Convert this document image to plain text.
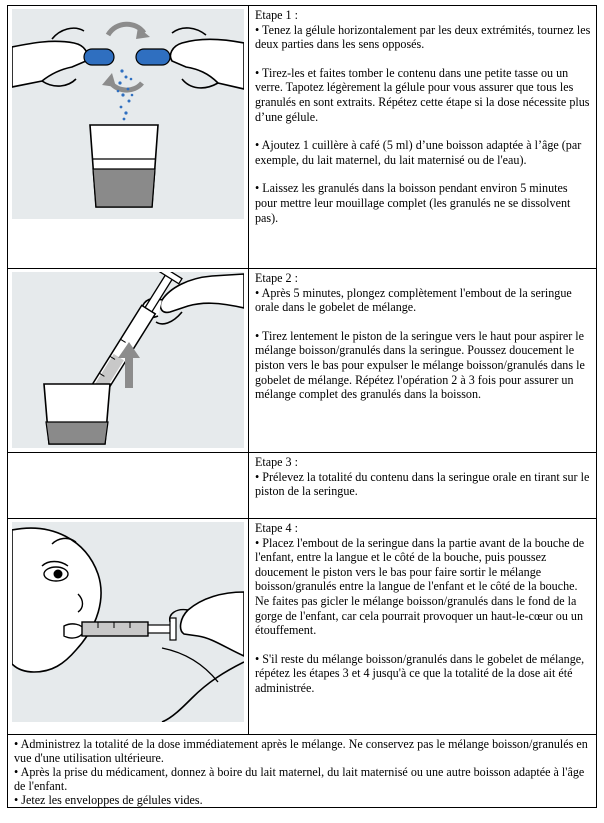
Etape 1 :
• Tenez la gélule horizontalement par les deux extrémités, tournez les deux parties dans les sens opposés.
• Tirez-les et faites tomber le contenu dans une petite tasse ou un verre. Tapotez légèrement la gélule pour vous assurer que tous les granulés en sont extraits. Répétez cette étape si la dose nécessite plus d’une gélule.
• Ajoutez 1 cuillère à café (5 ml) d’une boisson adaptée à l’âge (par exemple, du lait maternel, du lait maternisé ou de l'eau).
• Laissez les granulés dans la boisson pendant environ 5 minutes pour mettre leur mouillage complet (les granulés ne se dissolvent pas).

Etape 2 :
• Après 5 minutes, plongez complètement l'embout de la seringue orale dans le gobelet de mélange.
• Tirez lentement le piston de la seringue vers le haut pour aspirer le mélange boisson/granulés dans la seringue. Poussez doucement le piston vers le bas pour expulser le mélange boisson/granulés dans le gobelet de mélange. Répétez l'opération 2 à 3 fois pour assurer un mélange complet des granulés dans la boisson.

	Etape 3 :
• Prélevez la totalité du contenu dans la seringue orale en tirant sur le piston de la seringue.

Etape 4 :
• Placez l'embout de la seringue dans la partie avant de la bouche de l'enfant, entre la langue et le côté de la bouche, puis poussez doucement le piston vers le bas pour faire sortir le mélange boisson/granulés entre la langue de l'enfant et le côté de la bouche. Ne faites pas gicler le mélange boisson/granulés dans le fond de la gorge de l'enfant, car cela pourrait provoquer un haut-le-cœur ou un étouffement.
• S'il reste du mélange boisson/granulés dans le gobelet de mélange, répétez les étapes 3 et 4 jusqu'à ce que la totalité de la dose ait été administrée.

• Administrez la totalité de la dose immédiatement après le mélange. Ne conservez pas le mélange boisson/granulés en vue d'une utilisation ultérieure.
• Après la prise du médicament, donnez à boire du lait maternel, du lait maternisé ou une autre boisson adaptée à l'âge de l'enfant.
• Jetez les enveloppes de gélules vides.	
